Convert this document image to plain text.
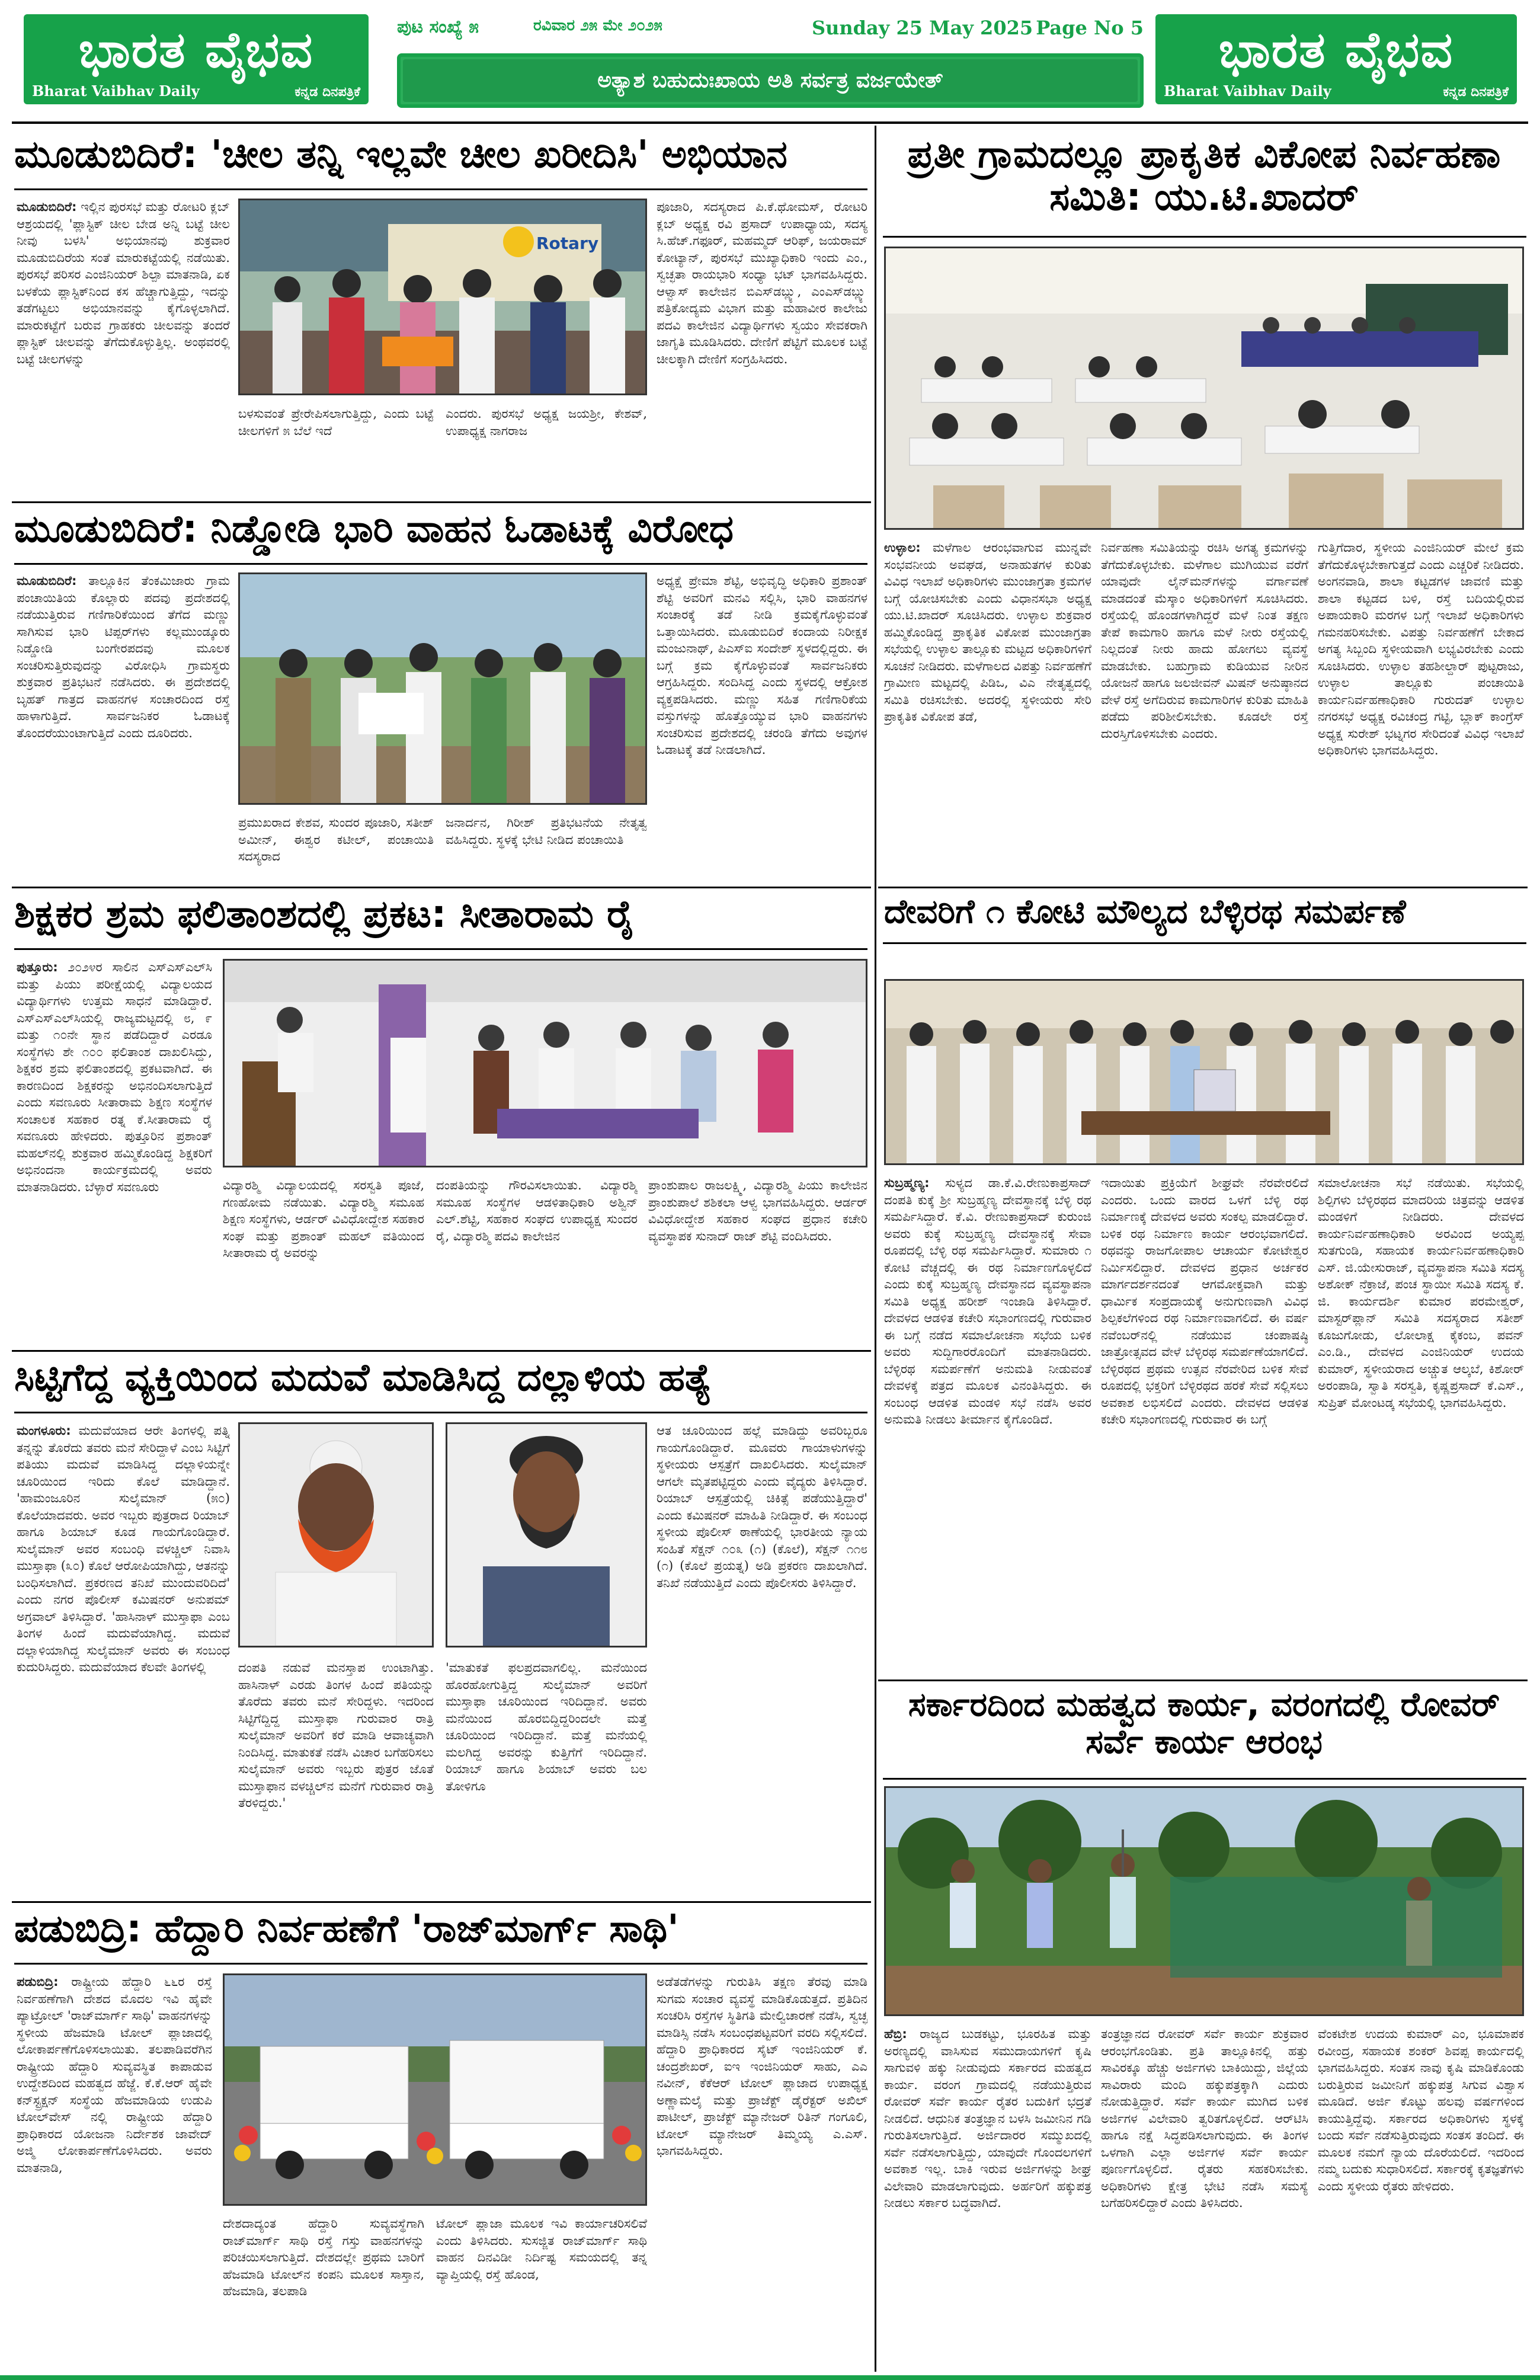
ಭಾರತ ವೈಭವ
Bharat Vaibhav Daily	ಕನ್ನಡ ದಿನಪತ್ರಿಕೆ
ಭಾರತ ವೈಭವ
Bharat Vaibhav Daily	ಕನ್ನಡ ದಿನಪತ್ರಿಕೆ
ಪುಟ ಸಂಖ್ಯೆ ೫	ರವಿವಾರ ೨೫ ಮೇ ೨೦೨೫	Sunday 25 May 2025 Page No 5
ಅತ್ಯಾಶ ಬಹುದುಃಖಾಯ ಅತಿ ಸರ್ವತ್ರ ವರ್ಜಯೇತ್
ಮೂಡುಬಿದಿರೆ: 'ಚೀಲ ತನ್ನಿ ಇಲ್ಲವೇ ಚೀಲ ಖರೀದಿಸಿ' ಅಭಿಯಾನ
ಮೂಡುಬಿದಿರೆ: ಇಲ್ಲಿನ ಪುರಸಭೆ ಮತ್ತು ರೋಟರಿ ಕ್ಲಬ್ ಆಶ್ರಯದಲ್ಲಿ 'ಪ್ಲಾಸ್ಟಿಕ್ ಚೀಲ ಬೇಡ ಅನ್ನಿ ಬಟ್ಟೆ ಚೀಲ ನೀವು ಬಳಸಿ' ಅಭಿಯಾನವು ಶುಕ್ರವಾರ ಮೂಡುಬಿದಿರೆಯ ಸಂತೆ ಮಾರುಕಟ್ಟೆಯಲ್ಲಿ ನಡೆಯಿತು. ಪುರಸಭೆ ಪರಿಸರ ಎಂಜಿನಿಯರ್ ಶಿಲ್ಪಾ ಮಾತನಾಡಿ, ಏಕ ಬಳಕೆಯ ಪ್ಲಾಸ್ಟಿಕ್‌ನಿಂದ ಕಸ ಹೆಚ್ಚಾಗುತ್ತಿದ್ದು, ಇದನ್ನು ತಡೆಗಟ್ಟಲು ಅಭಿಯಾನವನ್ನು ಕೈಗೊಳ್ಳಲಾಗಿದೆ. ಮಾರುಕಟ್ಟೆಗೆ ಬರುವ ಗ್ರಾಹಕರು ಚೀಲವನ್ನು ತಂದರೆ ಪ್ಲಾಸ್ಟಿಕ್ ಚೀಲವನ್ನು ತೆಗೆದುಕೊಳ್ಳುತ್ತಿಲ್ಲ. ಅಂಥವರಲ್ಲಿ ಬಟ್ಟೆ ಚೀಲಗಳನ್ನು
Rotary
ಬಳಸುವಂತೆ ಪ್ರೇರೇಪಿಸಲಾಗುತ್ತಿದ್ದು, ಎಂದು ಬಟ್ಟೆ ಚೀಲಗಳಿಗೆ ೫ ಬೆಲೆ ಇದೆ
ಎಂದರು. ಪುರಸಭೆ ಅಧ್ಯಕ್ಷ ಜಯಶ್ರೀ, ಕೇಶವ್, ಉಪಾಧ್ಯಕ್ಷ ನಾಗರಾಜ
ಪೂಜಾರಿ, ಸದಸ್ಯರಾದ ಪಿ.ಕೆ.ಥೋಮಸ್, ರೋಟರಿ ಕ್ಲಬ್ ಅಧ್ಯಕ್ಷ ರವಿ ಪ್ರಸಾದ್ ಉಪಾಧ್ಯಾಯ, ಸದಸ್ಯ ಸಿ.ಹೆಚ್.ಗಫೂರ್, ಮಹಮ್ಮದ್ ಆರಿಫ್, ಜಯರಾಮ್ ಕೋಟ್ಯಾನ್, ಪುರಸಭೆ ಮುಖ್ಯಾಧಿಕಾರಿ ಇಂದು ಎಂ., ಸ್ವಚ್ಛತಾ ರಾಯಭಾರಿ ಸಂಧ್ಯಾ ಭಟ್ ಭಾಗವಹಿಸಿದ್ದರು. ಆಳ್ವಾಸ್ ಕಾಲೇಜಿನ ಬಿಎಸ್‌ಡಬ್ಲ್ಯು, ಎಂಎಸ್‌ಡಬ್ಲ್ಯು ಪತ್ರಿಕೋದ್ಯಮ ವಿಭಾಗ ಮತ್ತು ಮಹಾವೀರ ಕಾಲೇಜು ಪದವಿ ಕಾಲೇಜಿನ ವಿದ್ಯಾರ್ಥಿಗಳು ಸ್ವಯಂ ಸೇವಕರಾಗಿ ಜಾಗೃತಿ ಮೂಡಿಸಿದರು. ದೇಣಿಗೆ ಪೆಟ್ಟಿಗೆ ಮೂಲಕ ಬಟ್ಟೆ ಚೀಲಕ್ಕಾಗಿ ದೇಣಿಗೆ ಸಂಗ್ರಹಿಸಿದರು.
ಮೂಡುಬಿದಿರೆ: ನಿಡ್ಡೋಡಿ ಭಾರಿ ವಾಹನ ಓಡಾಟಕ್ಕೆ ವಿರೋಧ
ಮೂಡುಬಿದಿರೆ: ತಾಲ್ಲೂಕಿನ ತೆಂಕಮಿಜಾರು ಗ್ರಾಮ ಪಂಚಾಯಿತಿಯ ಕೊಲ್ಲಾರು ಪದವು ಪ್ರದೇಶದಲ್ಲಿ ನಡೆಯುತ್ತಿರುವ ಗಣಿಗಾರಿಕೆಯಿಂದ ತೆಗೆದ ಮಣ್ಣು ಸಾಗಿಸುವ ಭಾರಿ ಟಿಪ್ಪರ್‌ಗಳು ಕಲ್ಲಮುಂಡ್ಕೂರು ನಿಡ್ಡೋಡಿ ಬಂಗೇರಪದವು ಮೂಲಕ ಸಂಚರಿಸುತ್ತಿರುವುದನ್ನು ವಿರೋಧಿಸಿ ಗ್ರಾಮಸ್ಥರು ಶುಕ್ರವಾರ ಪ್ರತಿಭಟನೆ ನಡೆಸಿದರು. ಈ ಪ್ರದೇಶದಲ್ಲಿ ಬೃಹತ್ ಗಾತ್ರದ ವಾಹನಗಳ ಸಂಚಾರದಿಂದ ರಸ್ತೆ ಹಾಳಾಗುತ್ತಿದೆ. ಸಾರ್ವಜನಿಕರ ಓಡಾಟಕ್ಕೆ ತೊಂದರೆಯುಂಟಾಗುತ್ತಿದೆ ಎಂದು ದೂರಿದರು.
ಪ್ರಮುಖರಾದ ಕೇಶವ, ಸುಂದರ ಪೂಜಾರಿ, ಸತೀಶ್ ಅಮೀನ್, ಈಶ್ವರ ಕಟೀಲ್, ಪಂಚಾಯಿತಿ ಸದಸ್ಯರಾದ
ಜನಾರ್ದನ, ಗಿರೀಶ್ ಪ್ರತಿಭಟನೆಯ ನೇತೃತ್ವ ವಹಿಸಿದ್ದರು. ಸ್ಥಳಕ್ಕೆ ಭೇಟಿ ನೀಡಿದ ಪಂಚಾಯಿತಿ
ಅಧ್ಯಕ್ಷೆ ಪ್ರೇಮಾ ಶೆಟ್ಟಿ, ಅಭಿವೃದ್ಧಿ ಅಧಿಕಾರಿ ಪ್ರಶಾಂತ್ ಶೆಟ್ಟಿ ಅವರಿಗೆ ಮನವಿ ಸಲ್ಲಿಸಿ, ಭಾರಿ ವಾಹನಗಳ ಸಂಚಾರಕ್ಕೆ ತಡೆ ನೀಡಿ ಕ್ರಮಕೈಗೊಳ್ಳುವಂತೆ ಒತ್ತಾಯಿಸಿದರು. ಮೂಡುಬಿದಿರೆ ಕಂದಾಯ ನಿರೀಕ್ಷಕ ಮಂಜುನಾಥ್, ಪಿಎಸ್‌ಐ ಸಂದೇಶ್ ಸ್ಥಳದಲ್ಲಿದ್ದರು. ಈ ಬಗ್ಗೆ ಕ್ರಮ ಕೈಗೊಳ್ಳುವಂತೆ ಸಾರ್ವಜನಿಕರು ಆಗ್ರಹಿಸಿದ್ದರು. ಸಂದಿಸಿದ್ದ ಎಂದು ಸ್ಥಳದಲ್ಲಿ ಆಕ್ರೋಶ ವ್ಯಕ್ತಪಡಿಸಿದರು. ಮಣ್ಣು ಸಹಿತ ಗಣಿಗಾರಿಕೆಯ ವಸ್ತುಗಳನ್ನು ಹೊತ್ತೊಯ್ಯುವ ಭಾರಿ ವಾಹನಗಳು ಸಂಚರಿಸುವ ಪ್ರದೇಶದಲ್ಲಿ ಚರಂಡಿ ತೆಗೆದು ಅವುಗಳ ಓಡಾಟಕ್ಕೆ ತಡೆ ನೀಡಲಾಗಿದೆ.
ಶಿಕ್ಷಕರ ಶ್ರಮ ಫಲಿತಾಂಶದಲ್ಲಿ ಪ್ರಕಟ: ಸೀತಾರಾಮ ರೈ
ಪುತ್ತೂರು: ೨೦೨೪ರ ಸಾಲಿನ ಎಸ್‌ಎಸ್‌ಎಲ್‌ಸಿ ಮತ್ತು ಪಿಯು ಪರೀಕ್ಷೆಯಲ್ಲಿ ವಿದ್ಯಾಲಯದ ವಿದ್ಯಾರ್ಥಿಗಳು ಉತ್ತಮ ಸಾಧನೆ ಮಾಡಿದ್ದಾರೆ. ಎಸ್‌ಎಸ್‌ಎಲ್‌ಸಿಯಲ್ಲಿ ರಾಜ್ಯಮಟ್ಟದಲ್ಲಿ ೮, ೯ ಮತ್ತು ೧೦ನೇ ಸ್ಥಾನ ಪಡೆದಿದ್ದಾರೆ ಎರಡೂ ಸಂಸ್ಥೆಗಳು ಶೇ ೧೦೦ ಫಲಿತಾಂಶ ದಾಖಲಿಸಿದ್ದು, ಶಿಕ್ಷಕರ ಶ್ರಮ ಫಲಿತಾಂಶದಲ್ಲಿ ಪ್ರಕಟವಾಗಿದೆ. ಈ ಕಾರಣದಿಂದ ಶಿಕ್ಷಕರನ್ನು ಅಭಿನಂದಿಸಲಾಗುತ್ತಿದೆ ಎಂದು ಸವಣೂರು ಸೀತಾರಾಮ ಶಿಕ್ಷಣ ಸಂಸ್ಥೆಗಳ ಸಂಚಾಲಕ ಸಹಕಾರ ರತ್ನ ಕೆ.ಸೀತಾರಾಮ ರೈ ಸವಣೂರು ಹೇಳಿದರು. ಪುತ್ತೂರಿನ ಪ್ರಶಾಂತ್ ಮಹಲ್‌ನಲ್ಲಿ ಶುಕ್ರವಾರ ಹಮ್ಮಿಕೊಂಡಿದ್ದ ಶಿಕ್ಷಕರಿಗೆ ಅಭಿನಂದನಾ ಕಾರ್ಯಕ್ರಮದಲ್ಲಿ ಅವರು ಮಾತನಾಡಿದರು. ಬೆಳ್ಳಾರೆ ಸವಣೂರು	ವಿದ್ಯಾರಶ್ಮಿ ವಿದ್ಯಾಲಯದಲ್ಲಿ ಸರಸ್ವತಿ ಪೂಜೆ, ಗಣಹೋಮ ನಡೆಯಿತು. ವಿದ್ಯಾರಶ್ಮಿ ಸಮೂಹ ಶಿಕ್ಷಣ ಸಂಸ್ಥೆಗಳು, ಆರ್ಡರ್ ವಿವಿಧೋದ್ದೇಶ ಸಹಕಾರ ಸಂಘ ಮತ್ತು ಪ್ರಶಾಂತ್ ಮಹಲ್ ವತಿಯಿಂದ ಸೀತಾರಾಮ ರೈ ಅವರನ್ನು
ದಂಪತಿಯನ್ನು ಗೌರವಿಸಲಾಯಿತು. ವಿದ್ಯಾರಶ್ಮಿ ಸಮೂಹ ಸಂಸ್ಥೆಗಳ ಆಡಳಿತಾಧಿಕಾರಿ ಅಶ್ವಿನ್ ಎಲ್.ಶೆಟ್ಟಿ, ಸಹಕಾರ ಸಂಘದ ಉಪಾಧ್ಯಕ್ಷ ಸುಂದರ ರೈ, ವಿದ್ಯಾರಶ್ಮಿ ಪದವಿ ಕಾಲೇಜಿನ
ಪ್ರಾಂಶುಪಾಲ ರಾಜಲಕ್ಷ್ಮಿ, ವಿದ್ಯಾರಶ್ಮಿ ಪಿಯು ಕಾಲೇಜಿನ ಪ್ರಾಂಶುಪಾಲೆ ಶಶಿಕಲಾ ಆಳ್ವ ಭಾಗವಹಿಸಿದ್ದರು. ಆರ್ಡರ್ ವಿವಿಧೋದ್ದೇಶ ಸಹಕಾರ ಸಂಘದ ಪ್ರಧಾನ ಕಚೇರಿ ವ್ಯವಸ್ಥಾಪಕ ಸುನಾದ್ ರಾಜ್ ಶೆಟ್ಟಿ ವಂದಿಸಿದರು.
ಸಿಟ್ಟಿಗೆದ್ದ ವ್ಯಕ್ತಿಯಿಂದ ಮದುವೆ ಮಾಡಿಸಿದ್ದ ದಲ್ಲಾಳಿಯ ಹತ್ಯೆ
ಮಂಗಳೂರು: ಮದುವೆಯಾದ ಆರೇ ತಿಂಗಳಲ್ಲಿ ಪತ್ನಿ ತನ್ನನ್ನು ತೊರೆದು ತವರು ಮನೆ ಸೇರಿದ್ದಾಳೆ ಎಂಬ ಸಿಟ್ಟಿಗೆ ಪತಿಯು ಮದುವೆ ಮಾಡಿಸಿದ್ದ ದಲ್ಲಾಳಿಯನ್ನೇ ಚೂರಿಯಿಂದ ಇರಿದು ಕೊಲೆ ಮಾಡಿದ್ದಾನೆ. 'ಹಾಮಂಜೂರಿನ ಸುಲೈಮಾನ್ (೫೦) ಕೊಲೆಯಾದವರು. ಅವರ ಇಬ್ಬರು ಪುತ್ರರಾದ ರಿಯಾಬ್ ಹಾಗೂ ಶಿಯಾಬ್ ಕೂಡ ಗಾಯಗೊಂಡಿದ್ದಾರೆ. ಸುಲೈಮಾನ್ ಅವರ ಸಂಬಂಧಿ ವಳಚ್ಚಿಲ್ ನಿವಾಸಿ ಮುಸ್ತಾಫಾ (೩೦) ಕೊಲೆ ಆರೋಪಿಯಾಗಿದ್ದು, ಆತನನ್ನು ಬಂಧಿಸಲಾಗಿದೆ. ಪ್ರಕರಣದ ತನಿಖೆ ಮುಂದುವರಿದಿದೆ' ಎಂದು ನಗರ ಪೊಲೀಸ್ ಕಮಿಷನರ್ ಅನುಪಮ್ ಅಗ್ರವಾಲ್ ತಿಳಿಸಿದ್ದಾರೆ. 'ಹಾಸಿನಾಳ್ ಮುಸ್ತಾಫಾ ಎಂಬ ತಿಂಗಳ ಹಿಂದೆ ಮದುವೆಯಾಗಿದ್ದ. ಮದುವೆ ದಲ್ಲಾಳಿಯಾಗಿದ್ದ ಸುಲೈಮಾನ್ ಅವರು ಈ ಸಂಬಂಧ ಕುದುರಿಸಿದ್ದರು. ಮದುವೆಯಾದ ಕೆಲವೇ ತಿಂಗಳಲ್ಲಿ	ದಂಪತಿ ನಡುವೆ ಮನಸ್ತಾಪ ಉಂಟಾಗಿತ್ತು. ಹಾಸಿನಾಳ್ ಎರಡು ತಿಂಗಳ ಹಿಂದೆ ಪತಿಯನ್ನು ತೊರೆದು ತವರು ಮನೆ ಸೇರಿದ್ದಳು. ಇದರಿಂದ ಸಿಟ್ಟಿಗೆದ್ದಿದ್ದ ಮುಸ್ತಾಫಾ ಗುರುವಾರ ರಾತ್ರಿ ಸುಲೈಮಾನ್ ಅವರಿಗೆ ಕರೆ ಮಾಡಿ ಆವಾಚ್ಯವಾಗಿ ನಿಂದಿಸಿದ್ದ. ಮಾತುಕತೆ ನಡೆಸಿ ವಿಚಾರ ಬಗೆಹರಿಸಲು ಸುಲೈಮಾನ್ ಅವರು ಇಬ್ಬರು ಪುತ್ರರ ಜೊತೆ ಮುಸ್ತಾಫಾನ ವಳಚ್ಚಿಲ್‌ನ ಮನೆಗೆ ಗುರುವಾರ ರಾತ್ರಿ ತೆರಳಿದ್ದರು.'
'ಮಾತುಕತೆ ಫಲಪ್ರದವಾಗಲಿಲ್ಲ. ಮನೆಯಿಂದ ಹೊರಹೋಗುತ್ತಿದ್ದ ಸುಲೈಮಾನ್ ಅವರಿಗೆ ಮುಸ್ತಾಫಾ ಚೂರಿಯಿಂದ ಇರಿದಿದ್ದಾನೆ. ಅವರು ಮನೆಯಿಂದ ಹೊರಬಿದ್ದಿದ್ದರಿಂದಲೇ ಮತ್ತೆ ಚೂರಿಯಿಂದ ಇರಿದಿದ್ದಾನೆ. ಮತ್ತೆ ಮನೆಯಲ್ಲಿ ಮಲಗಿದ್ದ ಅವರನ್ನು ಕುತ್ತಿಗೆಗೆ ಇರಿದಿದ್ದಾನೆ. ರಿಯಾಬ್ ಹಾಗೂ ಶಿಯಾಬ್ ಅವರು ಬಲ ತೋಳಿಗೂ
ಆತ ಚೂರಿಯಿಂದ ಹಲ್ಲೆ ಮಾಡಿದ್ದು ಅವರಿಬ್ಬರೂ ಗಾಯಗೊಂಡಿದ್ದಾರೆ. ಮೂವರು ಗಾಯಾಳುಗಳನ್ನು ಸ್ಥಳೀಯರು ಆಸ್ಪತ್ರೆಗೆ ದಾಖಲಿಸಿದರು. ಸುಲೈಮಾನ್ ಆಗಲೇ ಮೃತಪಟ್ಟಿದ್ದರು ಎಂದು ವೈದ್ಯರು ತಿಳಿಸಿದ್ದಾರೆ. ರಿಯಾಬ್ ಆಸ್ಪತ್ರೆಯಲ್ಲಿ ಚಿಕಿತ್ಸೆ ಪಡೆಯುತ್ತಿದ್ದಾರೆ' ಎಂದು ಕಮಿಷನರ್ ಮಾಹಿತಿ ನೀಡಿದ್ದಾರೆ. ಈ ಸಂಬಂಧ ಸ್ಥಳೀಯ ಪೊಲೀಸ್ ಠಾಣೆಯಲ್ಲಿ ಭಾರತೀಯ ನ್ಯಾಯ ಸಂಹಿತೆ ಸೆಕ್ಷನ್ ೧೦೩ (೧) (ಕೊಲೆ), ಸೆಕ್ಷನ್ ೧೧೮ (೧) (ಕೊಲೆ ಪ್ರಯತ್ನ) ಅಡಿ ಪ್ರಕರಣ ದಾಖಲಾಗಿದೆ. ತನಿಖೆ ನಡೆಯುತ್ತಿದೆ ಎಂದು ಪೊಲೀಸರು ತಿಳಿಸಿದ್ದಾರೆ.
ಪಡುಬಿದ್ರಿ: ಹೆದ್ದಾರಿ ನಿರ್ವಹಣೆಗೆ 'ರಾಜ್‌ಮಾರ್ಗ್ ಸಾಥಿ'
ಪಡುಬಿದ್ರಿ: ರಾಷ್ಟ್ರೀಯ ಹೆದ್ದಾರಿ ೬೬ರ ರಸ್ತೆ ನಿರ್ವಹಣೆಗಾಗಿ ದೇಶದ ಮೊದಲ ಇವಿ ಹೈವೇ ಪ್ಯಾಟ್ರೋಲ್ 'ರಾಜ್‌ಮಾರ್ಗ್ ಸಾಥಿ' ವಾಹನಗಳನ್ನು ಸ್ಥಳೀಯ ಹೆಜಮಾಡಿ ಟೋಲ್ ಪ್ಲಾಜಾದಲ್ಲಿ ಲೋಕಾರ್ಪಣೆಗೊಳಿಸಲಾಯಿತು. ತಲಪಾಡಿವರೆಗಿನ ರಾಷ್ಟ್ರೀಯ ಹೆದ್ದಾರಿ ಸುವ್ಯವಸ್ಥಿತ ಕಾಪಾಡುವ ಉದ್ದೇಶದಿಂದ ಮಹತ್ವದ ಹೆಜ್ಜೆ. ಕೆ.ಕೆ.ಆರ್ ಹೈವೇ ಕನ್‌ಸ್ಟ್ರಕ್ಷನ್ ಸಂಸ್ಥೆಯ ಹೆಜಮಾಡಿಯ ಉಡುಪಿ ಟೋಲ್‌ವೇಸ್ ನಲ್ಲಿ ರಾಷ್ಟ್ರೀಯ ಹೆದ್ದಾರಿ ಪ್ರಾಧಿಕಾರದ ಯೋಜನಾ ನಿರ್ದೇಶಕ ಜಾವೇದ್ ಅಜ್ಮಿ ಲೋಕಾರ್ಪಣೆಗೊಳಿಸಿದರು. ಅವರು ಮಾತನಾಡಿ,
ದೇಶದಾದ್ಯಂತ ಹೆದ್ದಾರಿ ಸುವ್ಯವಸ್ಥೆಗಾಗಿ ರಾಜ್‌ಮಾರ್ಗ್ ಸಾಥಿ ರಸ್ತೆ ಗಸ್ತು ವಾಹನಗಳನ್ನು ಪರಿಚಯಿಸಲಾಗುತ್ತಿದೆ. ದೇಶದಲ್ಲೇ ಪ್ರಥಮ ಬಾರಿಗೆ ಹೆಜಮಾಡಿ ಟೋಲ್‌ನ ಕಂಪನಿ ಮೂಲಕ ಸಾಸ್ತಾನ, ಹೆಜಮಾಡಿ, ತಲಪಾಡಿ
ಟೋಲ್ ಪ್ಲಾಜಾ ಮೂಲಕ ಇವಿ ಕಾರ್ಯಾಚರಿಸಲಿವೆ ಎಂದು ತಿಳಿಸಿದರು. ಸುಸಜ್ಜಿತ ರಾಜ್‌ಮಾರ್ಗ್ ಸಾಥಿ ವಾಹನ ದಿನವಿಡೀ ನಿರ್ದಿಷ್ಟ ಸಮಯದಲ್ಲಿ ತನ್ನ ವ್ಯಾಪ್ತಿಯಲ್ಲಿ ರಸ್ತೆ ಹೊಂಡ,
ಅಡೆತಡೆಗಳನ್ನು ಗುರುತಿಸಿ ತಕ್ಷಣ ತೆರವು ಮಾಡಿ ಸುಗಮ ಸಂಚಾರ ವ್ಯವಸ್ಥೆ ಮಾಡಿಕೊಡುತ್ತದೆ. ಪ್ರತಿದಿನ ಸಂಚರಿಸಿ ರಸ್ತೆಗಳ ಸ್ಥಿತಿಗತಿ ಮೇಲ್ವಿಚಾರಣೆ ನಡೆಸಿ, ಸ್ವಚ್ಛ ಮಾಡಿಸ್ಸಿ ನಡೆಸಿ ಸಂಬಂಧಪಟ್ಟವರಿಗೆ ವರದಿ ಸಲ್ಲಿಸಲಿದೆ. ಹೆದ್ದಾರಿ ಪ್ರಾಧಿಕಾರದ ಸೈಟ್ ಇಂಜಿನಿಯರ್ ಕೆ. ಚಂದ್ರಶೇಖರ್, ಐಇ ಇಂಜಿನಿಯರ್ ಸಾಹು, ಎಎ ನವೀನ್, ಕೆಕೆಆರ್ ಟೋಲ್ ಪ್ಲಾಜಾದ ಉಪಾಧ್ಯಕ್ಷ ಅಣ್ಣಾಮಲೈ ಮತ್ತು ಪ್ರಾಜೆಕ್ಟ್ ಡೈರೆಕ್ಟರ್ ಅಖಿಲ್ ಪಾಟೀಲ್, ಪ್ರಾಜೆಕ್ಟ್ ಮ್ಯಾನೇಜರ್ ರಿತಿನ್ ಗಂಗೂಲಿ, ಟೋಲ್ ಮ್ಯಾನೇಜರ್ ತಿಮ್ಮಯ್ಯ ಎ.ಎಸ್. ಭಾಗವಹಿಸಿದ್ದರು.
ಪ್ರತೀ ಗ್ರಾಮದಲ್ಲೂ ಪ್ರಾಕೃತಿಕ ವಿಕೋಪ ನಿರ್ವಹಣಾ ಸಮಿತಿ: ಯು.ಟಿ.ಖಾದರ್
ಉಳ್ಳಾಲ: ಮಳೆಗಾಲ ಆರಂಭವಾಗುವ ಮುನ್ನವೇ ಸಂಭವನೀಯ ಅವಘಡ, ಅನಾಹುತಗಳ ಕುರಿತು ವಿವಿಧ ಇಲಾಖೆ ಅಧಿಕಾರಿಗಳು ಮುಂಜಾಗ್ರತಾ ಕ್ರಮಗಳ ಬಗ್ಗೆ ಯೋಚಿಸಬೇಕು ಎಂದು ವಿಧಾನಸಭಾ ಅಧ್ಯಕ್ಷ ಯು.ಟಿ.ಖಾದರ್ ಸೂಚಿಸಿದರು. ಉಳ್ಳಾಲ ಶುಕ್ರವಾರ ಹಮ್ಮಿಕೊಂಡಿದ್ದ ಪ್ರಾಕೃತಿಕ ವಿಕೋಪ ಮುಂಜಾಗ್ರತಾ ಸಭೆಯಲ್ಲಿ ಉಳ್ಳಾಲ ತಾಲ್ಲೂಕು ಮಟ್ಟದ ಅಧಿಕಾರಿಗಳಿಗೆ ಸೂಚನೆ ನೀಡಿದರು. ಮಳೆಗಾಲದ ವಿಪತ್ತು ನಿರ್ವಹಣೆಗೆ ಗ್ರಾಮೀಣ ಮಟ್ಟದಲ್ಲಿ ಪಿಡಿಒ, ವಿಎ ನೇತೃತ್ವದಲ್ಲಿ ಸಮಿತಿ ರಚಿಸಬೇಕು. ಅದರಲ್ಲಿ ಸ್ಥಳೀಯರು ಸೇರಿ ಪ್ರಾಕೃತಿಕ ವಿಕೋಪ ತಡೆ,
ನಿರ್ವಹಣಾ ಸಮಿತಿಯನ್ನು ರಚಿಸಿ ಅಗತ್ಯ ಕ್ರಮಗಳನ್ನು ತೆಗೆದುಕೊಳ್ಳಬೇಕು. ಮಳೆಗಾಲ ಮುಗಿಯುವ ವರೆಗೆ ಯಾವುದೇ ಲೈನ್‌ಮನ್‌ಗಳನ್ನು ವರ್ಗಾವಣೆ ಮಾಡದಂತೆ ಮೆಸ್ಕಾಂ ಅಧಿಕಾರಿಗಳಿಗೆ ಸೂಚಿಸಿದರು. ರಸ್ತೆಯಲ್ಲಿ ಹೊಂಡಗಳಾಗಿದ್ದರೆ ಮಳೆ ನಿಂತ ತಕ್ಷಣ ತೇಪೆ ಕಾಮಗಾರಿ ಹಾಗೂ ಮಳೆ ನೀರು ರಸ್ತೆಯಲ್ಲಿ ನಿಲ್ಲದಂತೆ ನೀರು ಹಾದು ಹೋಗಲು ವ್ಯವಸ್ಥೆ ಮಾಡಬೇಕು. ಬಹುಗ್ರಾಮ ಕುಡಿಯುವ ನೀರಿನ ಯೋಜನೆ ಹಾಗೂ ಜಲಜೀವನ್ ಮಿಷನ್ ಅನುಷ್ಠಾನದ ವೇಳೆ ರಸ್ತೆ ಅಗೆದಿರುವ ಕಾಮಗಾರಿಗಳ ಕುರಿತು ಮಾಹಿತಿ ಪಡೆದು ಪರಿಶೀಲಿಸಬೇಕು. ಕೂಡಲೇ ರಸ್ತೆ ದುರಸ್ತಿಗೊಳಿಸಬೇಕು ಎಂದರು.
ಗುತ್ತಿಗೆದಾರ, ಸ್ಥಳೀಯ ಎಂಜಿನಿಯರ್ ಮೇಲೆ ಕ್ರಮ ತೆಗೆದುಕೊಳ್ಳಬೇಕಾಗುತ್ತದೆ ಎಂದು ಎಚ್ಚರಿಕೆ ನೀಡಿದರು. ಅಂಗನವಾಡಿ, ಶಾಲಾ ಕಟ್ಟಡಗಳ ಜಾವಣಿ ಮತ್ತು ಶಾಲಾ ಕಟ್ಟಡದ ಬಳಿ, ರಸ್ತೆ ಬದಿಯಲ್ಲಿರುವ ಅಪಾಯಕಾರಿ ಮರಗಳ ಬಗ್ಗೆ ಇಲಾಖೆ ಅಧಿಕಾರಿಗಳು ಗಮನಹರಿಸಬೇಕು. ವಿಪತ್ತು ನಿರ್ವಹಣೆಗೆ ಬೇಕಾದ ಅಗತ್ಯ ಸಿಬ್ಬಂದಿ ಸ್ಥಳೀಯವಾಗಿ ಲಭ್ಯವಿರಬೇಕು ಎಂದು ಸೂಚಿಸಿದರು. ಉಳ್ಳಾಲ ತಹಶೀಲ್ದಾರ್ ಪುಟ್ಟರಾಜು, ಉಳ್ಳಾಲ ತಾಲ್ಲೂಕು ಪಂಚಾಯಿತಿ ಕಾರ್ಯನಿರ್ವಹಣಾಧಿಕಾರಿ ಗುರುದತ್ ಉಳ್ಳಾಲ ನಗರಸಭೆ ಅಧ್ಯಕ್ಷ ರವಿಚಂದ್ರ ಗಟ್ಟಿ, ಬ್ಲಾಕ್ ಕಾಂಗ್ರೆಸ್ ಅಧ್ಯಕ್ಷ ಸುರೇಶ್ ಭಟ್ನಗರ ಸೇರಿದಂತೆ ವಿವಿಧ ಇಲಾಖೆ ಅಧಿಕಾರಿಗಳು ಭಾಗವಹಿಸಿದ್ದರು.
ದೇವರಿಗೆ ೧ ಕೋಟಿ ಮೌಲ್ಯದ ಬೆಳ್ಳಿರಥ ಸಮರ್ಪಣೆ
ಸುಬ್ರಹ್ಮಣ್ಯ: ಸುಳ್ಯದ ಡಾ.ಕೆ.ವಿ.ರೇಣುಕಾಪ್ರಸಾದ್ ದಂಪತಿ ಕುಕ್ಕೆ ಶ್ರೀ ಸುಬ್ರಹ್ಮಣ್ಯ ದೇವಸ್ಥಾನಕ್ಕೆ ಬೆಳ್ಳಿ ರಥ ಸಮರ್ಪಿಸಿದ್ದಾರೆ. ಕೆ.ವಿ. ರೇಣುಕಾಪ್ರಸಾದ್ ಕುರುಂಜಿ ಅವರು ಕುಕ್ಕೆ ಸುಬ್ರಹ್ಮಣ್ಯ ದೇವಸ್ಥಾನಕ್ಕೆ ಸೇವಾ ರೂಪದಲ್ಲಿ ಬೆಳ್ಳಿ ರಥ ಸಮರ್ಪಿಸಿದ್ದಾರೆ. ಸುಮಾರು ೧ ಕೋಟಿ ವೆಚ್ಚದಲ್ಲಿ ಈ ರಥ ನಿರ್ಮಾಣಗೊಳ್ಳಲಿದೆ ಎಂದು ಕುಕ್ಕೆ ಸುಬ್ರಹ್ಮಣ್ಯ ದೇವಸ್ಥಾನದ ವ್ಯವಸ್ಥಾಪನಾ ಸಮಿತಿ ಅಧ್ಯಕ್ಷ ಹರೀಶ್ ಇಂಜಾಡಿ ತಿಳಿಸಿದ್ದಾರೆ. ದೇವಳದ ಆಡಳಿತ ಕಚೇರಿ ಸಭಾಂಗಣದಲ್ಲಿ ಗುರುವಾರ ಈ ಬಗ್ಗೆ ನಡೆದ ಸಮಾಲೋಚನಾ ಸಭೆಯ ಬಳಿಕ ಅವರು ಸುದ್ದಿಗಾರರೊಂದಿಗೆ ಮಾತನಾಡಿದರು. ಬೆಳ್ಳಿರಥ ಸಮರ್ಪಣೆಗೆ ಅನುಮತಿ ನೀಡುವಂತೆ ದೇವಳಕ್ಕೆ ಪತ್ರದ ಮೂಲಕ ವಿನಂತಿಸಿದ್ದರು. ಈ ಸಂಬಂಧ ಆಡಳಿತ ಮಂಡಳಿ ಸಭೆ ನಡೆಸಿ ಅವರ ಅನುಮತಿ ನೀಡಲು ತೀರ್ಮಾನ ಕೈಗೊಂಡಿದೆ.
ಇದಾಯಿತು ಪ್ರಕ್ರಿಯೆಗೆ ಶೀಘ್ರವೇ ನೆರವೇರಲಿದೆ ಎಂದರು. ಒಂದು ವಾರದ ಒಳಗೆ ಬೆಳ್ಳಿ ರಥ ನಿರ್ಮಾಣಕ್ಕೆ ದೇವಳದ ಅವರು ಸಂಕಲ್ಪ ಮಾಡಲಿದ್ದಾರೆ. ಬಳಿಕ ರಥ ನಿರ್ಮಾಣ ಕಾರ್ಯ ಆರಂಭವಾಗಲಿದೆ. ರಥವನ್ನು ರಾಜಗೋಪಾಲ ಆಚಾರ್ಯ ಕೋಟೇಶ್ವರ ನಿರ್ಮಿಸಲಿದ್ದಾರೆ. ದೇವಳದ ಪ್ರಧಾನ ಅರ್ಚಕರ ಮಾರ್ಗದರ್ಶನದಂತೆ ಆಗಮೋಕ್ತವಾಗಿ ಮತ್ತು ಧಾರ್ಮಿಕ ಸಂಪ್ರದಾಯಕ್ಕೆ ಅನುಗುಣವಾಗಿ ವಿವಿಧ ಶಿಲ್ಪಕಲೆಗಳಿಂದ ರಥ ನಿರ್ಮಾಣವಾಗಲಿದೆ. ಈ ವರ್ಷ ನವೆಂಬರ್‌ನಲ್ಲಿ ನಡೆಯುವ ಚಂಪಾಷಷ್ಠಿ ಜಾತ್ರೋತ್ಸವದ ವೇಳೆ ಬೆಳ್ಳಿರಥ ಸಮರ್ಪಣೆಯಾಗಲಿದೆ. ಬೆಳ್ಳಿರಥದ ಪ್ರಥಮ ಉತ್ಸವ ನೆರವೇರಿದ ಬಳಿಕ ಸೇವೆ ರೂಪದಲ್ಲಿ ಭಕ್ತರಿಗೆ ಬೆಳ್ಳಿರಥದ ಹರಕೆ ಸೇವೆ ಸಲ್ಲಿಸಲು ಅವಕಾಶ ಲಭಿಸಲಿದೆ ಎಂದರು. ದೇವಳದ ಆಡಳಿತ ಕಚೇರಿ ಸಭಾಂಗಣದಲ್ಲಿ ಗುರುವಾರ ಈ ಬಗ್ಗೆ
ಸಮಾಲೋಚನಾ ಸಭೆ ನಡೆಯಿತು. ಸಭೆಯಲ್ಲಿ ಶಿಲ್ಪಿಗಳು ಬೆಳ್ಳಿರಥದ ಮಾದರಿಯ ಚಿತ್ರವನ್ನು ಆಡಳಿತ ಮಂಡಳಿಗೆ ನೀಡಿದರು. ದೇವಳದ ಕಾರ್ಯನಿರ್ವಹಣಾಧಿಕಾರಿ ಅರವಿಂದ ಅಯ್ಯಪ್ಪ ಸುತಗುಂಡಿ, ಸಹಾಯಕ ಕಾರ್ಯನಿರ್ವಹಣಾಧಿಕಾರಿ ಎಸ್. ಜಿ.ಯೇಸುರಾಜ್, ವ್ಯವಸ್ಥಾಪನಾ ಸಮಿತಿ ಸದಸ್ಯ ಅಶೋಕ್ ನೆಕ್ರಾಜೆ, ಪಂಚ ಸ್ಥಾಯೀ ಸಮಿತಿ ಸದಸ್ಯ ಕೆ. ಜಿ. ಕಾರ್ಯದರ್ಶಿ ಕುಮಾರ ಪರಮೇಶ್ವರ್, ಮಾಸ್ಟರ್‌ಪ್ಲಾನ್ ಸಮಿತಿ ಸದಸ್ಯರಾದ ಸತೀಶ್ ಕೂಜುಗೋಡು, ಲೋಲಾಕ್ಷ ಕೈಕಂಬ, ಪವನ್ ಎಂ.ಡಿ., ದೇವಳದ ಎಂಜಿನಿಯರ್ ಉದಯ ಕುಮಾರ್, ಸ್ಥಳೀಯರಾದ ಅಚ್ಚುತ ಆಲ್ಕಬೆ, ಕಿಶೋರ್ ಅರಂಪಾಡಿ, ಸ್ವಾತಿ ಸರಸ್ವತಿ, ಕೃಷ್ಣಪ್ರಸಾದ್ ಕೆ.ಎಸ್., ಸುಪ್ರಿತ್ ಮೋಂಟಡ್ಕ ಸಭೆಯಲ್ಲಿ ಭಾಗವಹಿಸಿದ್ದರು.
ಸರ್ಕಾರದಿಂದ ಮಹತ್ವದ ಕಾರ್ಯ, ವರಂಗದಲ್ಲಿ ರೋವರ್ ಸರ್ವೆ ಕಾರ್ಯ ಆರಂಭ
ಹೆಬ್ರಿ: ರಾಜ್ಯದ ಬುಡಕಟ್ಟು, ಭೂರಹಿತ ಮತ್ತು ಅರಣ್ಯದಲ್ಲಿ ವಾಸಿಸುವ ಸಮುದಾಯಗಳಿಗೆ ಕೃಷಿ ಸಾಗುವಳಿ ಹಕ್ಕು ನೀಡುವುದು ಸರ್ಕಾರದ ಮಹತ್ವದ ಕಾರ್ಯ. ವರಂಗ ಗ್ರಾಮದಲ್ಲಿ ನಡೆಯುತ್ತಿರುವ ರೋವರ್ ಸರ್ವೆ ಕಾರ್ಯ ರೈತರ ಬದುಕಿಗೆ ಭದ್ರತೆ ನೀಡಲಿದೆ. ಆಧುನಿಕ ತಂತ್ರಜ್ಞಾನ ಬಳಸಿ ಜಮೀನಿನ ಗಡಿ ಗುರುತಿಸಲಾಗುತ್ತಿದೆ. ಅರ್ಜಿದಾರರ ಸಮ್ಮುಖದಲ್ಲಿ ಸರ್ವೆ ನಡೆಸಲಾಗುತ್ತಿದ್ದು, ಯಾವುದೇ ಗೊಂದಲಗಳಿಗೆ ಅವಕಾಶ ಇಲ್ಲ. ಬಾಕಿ ಇರುವ ಅರ್ಜಿಗಳನ್ನು ಶೀಘ್ರ ವಿಲೇವಾರಿ ಮಾಡಲಾಗುವುದು. ಅರ್ಹರಿಗೆ ಹಕ್ಕುಪತ್ರ ನೀಡಲು ಸರ್ಕಾರ ಬದ್ಧವಾಗಿದೆ.
ತಂತ್ರಜ್ಞಾನದ ರೋವರ್ ಸರ್ವೆ ಕಾರ್ಯ ಶುಕ್ರವಾರ ಆರಂಭಗೊಂಡಿತು. ಪ್ರತಿ ತಾಲ್ಲೂಕಿನಲ್ಲಿ ಹತ್ತು ಸಾವಿರಕ್ಕೂ ಹೆಚ್ಚು ಅರ್ಜಿಗಳು ಬಾಕಿಯಿದ್ದು, ಜಿಲ್ಲೆಯ ಸಾವಿರಾರು ಮಂದಿ ಹಕ್ಕುಪತ್ರಕ್ಕಾಗಿ ಎದುರು ನೋಡುತ್ತಿದ್ದಾರೆ. ಸರ್ವೆ ಕಾರ್ಯ ಮುಗಿದ ಬಳಿಕ ಅರ್ಜಿಗಳ ವಿಲೇವಾರಿ ತ್ವರಿತಗೊಳ್ಳಲಿದೆ. ಆರ್‌ಟಿಸಿ ಹಾಗೂ ನಕ್ಷೆ ಸಿದ್ಧಪಡಿಸಲಾಗುವುದು. ಈ ತಿಂಗಳ ಒಳಗಾಗಿ ಎಲ್ಲಾ ಅರ್ಜಿಗಳ ಸರ್ವೆ ಕಾರ್ಯ ಪೂರ್ಣಗೊಳ್ಳಲಿದೆ. ರೈತರು ಸಹಕರಿಸಬೇಕು. ಅಧಿಕಾರಿಗಳು ಕ್ಷೇತ್ರ ಭೇಟಿ ನಡೆಸಿ ಸಮಸ್ಯೆ ಬಗೆಹರಿಸಲಿದ್ದಾರೆ ಎಂದು ತಿಳಿಸಿದರು.
ವೆಂಕಟೇಶ ಉದಯ ಕುಮಾರ್ ಎಂ, ಭೂಮಾಪಕ ರವೀಂದ್ರ, ಸಹಾಯಕ ಶಂಕರ್ ಶಿವಪ್ಪ ಕಾರ್ಯದಲ್ಲಿ ಭಾಗವಹಿಸಿದ್ದರು. ಸಂತಸ ನಾವು ಕೃಷಿ ಮಾಡಿಕೊಂಡು ಬರುತ್ತಿರುವ ಜಮೀನಿಗೆ ಹಕ್ಕುಪತ್ರ ಸಿಗುವ ವಿಶ್ವಾಸ ಮೂಡಿದೆ. ಅರ್ಜಿ ಕೊಟ್ಟು ಹಲವು ವರ್ಷಗಳಿಂದ ಕಾಯುತ್ತಿದ್ದೆವು. ಸರ್ಕಾರದ ಅಧಿಕಾರಿಗಳು ಸ್ಥಳಕ್ಕೆ ಬಂದು ಸರ್ವೆ ನಡೆಸುತ್ತಿರುವುದು ಸಂತಸ ತಂದಿದೆ. ಈ ಮೂಲಕ ನಮಗೆ ನ್ಯಾಯ ದೊರೆಯಲಿದೆ. ಇದರಿಂದ ನಮ್ಮ ಬದುಕು ಸುಧಾರಿಸಲಿದೆ. ಸರ್ಕಾರಕ್ಕೆ ಕೃತಜ್ಞತೆಗಳು ಎಂದು ಸ್ಥಳೀಯ ರೈತರು ಹೇಳಿದರು.
